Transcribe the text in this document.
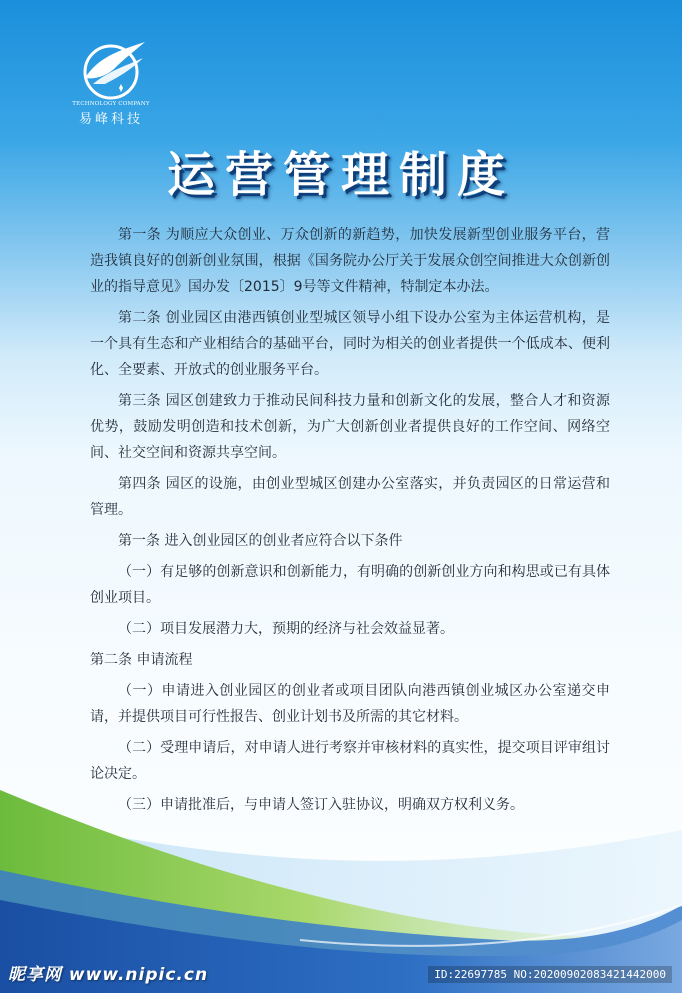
TECHNOLOGY COMPANY
易峰科技
运营管理制度

第一条 为顺应大众创业、万众创新的新趋势，加快发展新型创业服务平台，营造我镇良好的创新创业氛围，根据《国务院办公厅关于发展众创空间推进大众创新创业的指导意见》国办发〔2015〕9号等文件精神，特制定本办法。

第二条 创业园区由港西镇创业型城区领导小组下设办公室为主体运营机构，是一个具有生态和产业相结合的基础平台，同时为相关的创业者提供一个低成本、便利化、全要素、开放式的创业服务平台。

第三条 园区创建致力于推动民间科技力量和创新文化的发展，整合人才和资源优势，鼓励发明创造和技术创新，为广大创新创业者提供良好的工作空间、网络空间、社交空间和资源共享空间。

第四条 园区的设施，由创业型城区创建办公室落实，并负责园区的日常运营和管理。

第一条 进入创业园区的创业者应符合以下条件

（一）有足够的创新意识和创新能力，有明确的创新创业方向和构思或已有具体创业项目。

（二）项目发展潜力大，预期的经济与社会效益显著。

第二条 申请流程

（一）申请进入创业园区的创业者或项目团队向港西镇创业城区办公室递交申请，并提供项目可行性报告、创业计划书及所需的其它材料。

（二）受理申请后，对申请人进行考察并审核材料的真实性，提交项目评审组讨论决定。

（三）申请批准后，与申请人签订入驻协议，明确双方权利义务。

昵享网 www.nipic.cn	ID:22697785 NO:20200902083421442000
